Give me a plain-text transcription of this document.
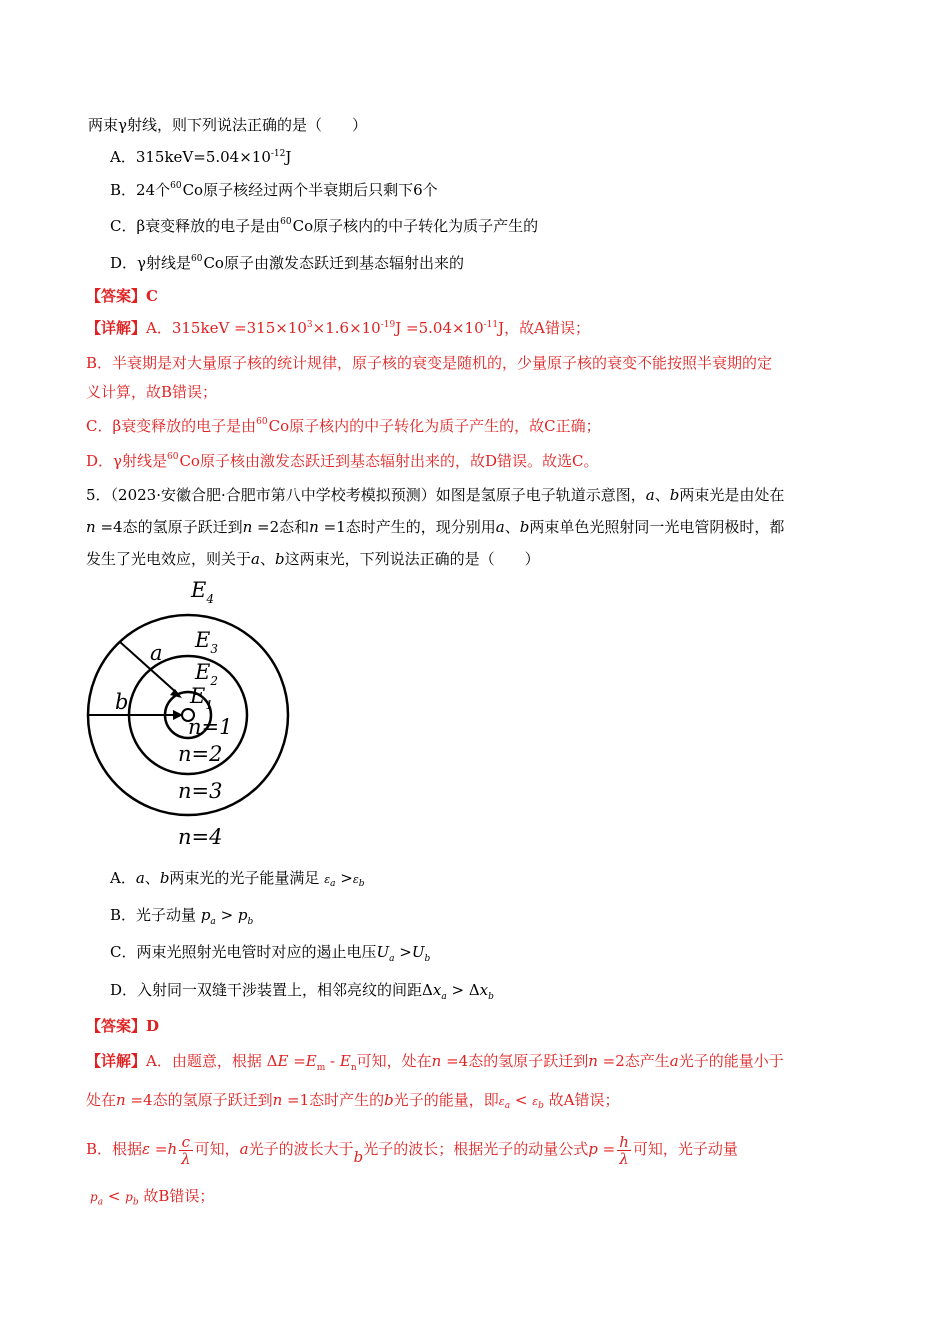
两束γ射线，则下列说法正确的是（　　）
A．$315keV=5.04\times 10^{-12}J$
B．24个$^{60}$Co原子核经过两个半衰期后只剩下6个
C．β衰变释放的电子是由$^{60}$Co原子核内的中子转化为质子产生的
D．γ射线是$^{60}$Co原子由激发态跃迁到基态辐射出来的
【答案】C
【详解】A．$315keV =315\times 10^3\times 1.6\times 10^{-19}J =5.04\times 10^{-11}J$，故A错误；
B．半衰期是对大量原子核的统计规律，原子核的衰变是随机的，少量原子核的衰变不能按照半衰期的定
义计算，故B错误；
C．β衰变释放的电子是由$^{60}$Co原子核内的中子转化为质子产生的，故C正确；
D．γ射线是$^{60}$Co原子核由激发态跃迁到基态辐射出来的，故D错误。故选C。
5．（2023·安徽合肥·合肥市第八中学校考模拟预测）如图是氢原子电子轨道示意图，a、b两束光是由处在
n =4态的氢原子跃迁到n =2态和n =1态时产生的，现分别用a、b两束单色光照射同一光电管阴极时，都
发生了光电效应，则关于a、b这两束光，下列说法正确的是（　　）
$E_4$
$E_3$
$E_2$
$E_1$
a
b
n=1
n=2
n=3
n=4
A．a、b两束光的光子能量满足 $\varepsilon_a >\varepsilon_b$
B．光子动量 $p_a > p_b$
C．两束光照射光电管时对应的遏止电压$U_a >U_b$
D．入射同一双缝干涉装置上，相邻亮纹的间距$\Delta x_a > \Delta x_b$
【答案】D
【详解】A．由题意，根据 $\Delta E =E_m - E_n$可知，处在n =4态的氢原子跃迁到n =2态产生a光子的能量小于
处在n =4态的氢原子跃迁到n =1态时产生的b光子的能量，即$\varepsilon_a < \varepsilon_b$ 故A错误；
B．根据$\varepsilon =h \frac{c}{\lambda}$ 可知，a光子的波长大于b光子的波长；根据光子的动量公式$p = \frac{h}{\lambda}$ 可知，光子动量
$p_a < p_b$ 故B错误；
